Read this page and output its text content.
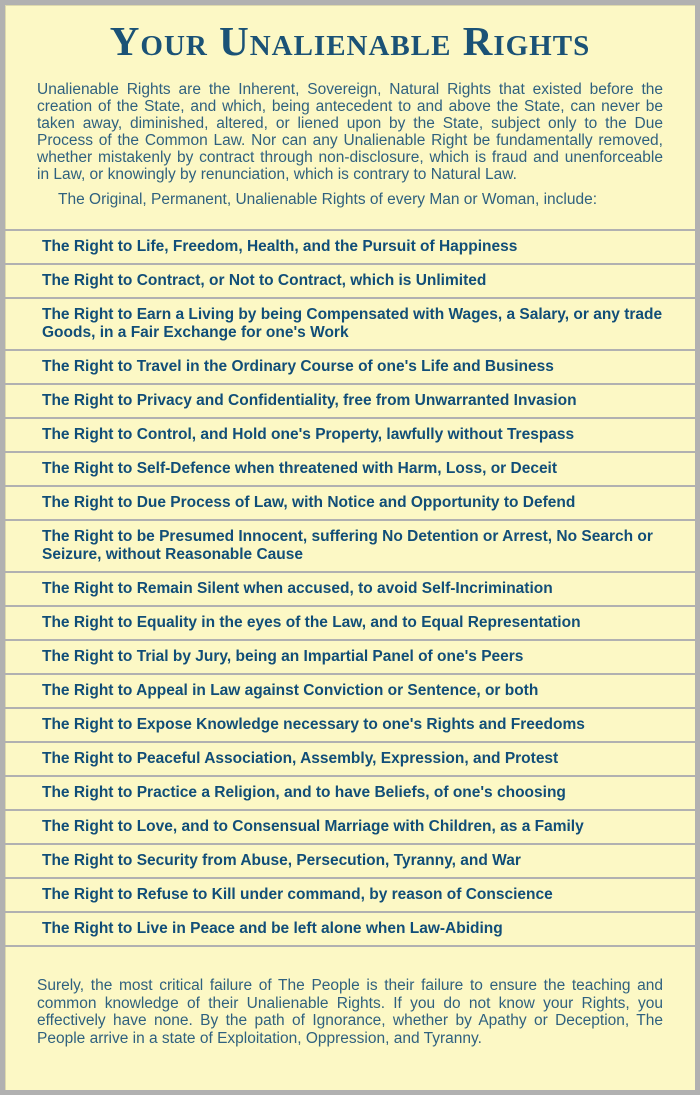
Your Unalienable Rights

Unalienable Rights are the Inherent, Sovereign, Natural Rights that existed before the creation of the State, and which, being antecedent to and above the State, can never be taken away, diminished, altered, or liened upon by the State, subject only to the Due Process of the Common Law. Nor can any Unalienable Right be fundamentally removed, whether mistakenly by contract through non-disclosure, which is fraud and unenforceable in Law, or knowingly by renunciation, which is contrary to Natural Law.

The Original, Permanent, Unalienable Rights of every Man or Woman, include:

The Right to Life, Freedom, Health, and the Pursuit of Happiness
The Right to Contract, or Not to Contract, which is Unlimited
The Right to Earn a Living by being Compensated with Wages, a Salary, or any trade Goods, in a Fair Exchange for one's Work
The Right to Travel in the Ordinary Course of one's Life and Business
The Right to Privacy and Confidentiality, free from Unwarranted Invasion
The Right to Control, and Hold one's Property, lawfully without Trespass
The Right to Self-Defence when threatened with Harm, Loss, or Deceit
The Right to Due Process of Law, with Notice and Opportunity to Defend
The Right to be Presumed Innocent, suffering No Detention or Arrest, No Search or Seizure, without Reasonable Cause
The Right to Remain Silent when accused, to avoid Self-Incrimination
The Right to Equality in the eyes of the Law, and to Equal Representation
The Right to Trial by Jury, being an Impartial Panel of one's Peers
The Right to Appeal in Law against Conviction or Sentence, or both
The Right to Expose Knowledge necessary to one's Rights and Freedoms
The Right to Peaceful Association, Assembly, Expression, and Protest
The Right to Practice a Religion, and to have Beliefs, of one's choosing
The Right to Love, and to Consensual Marriage with Children, as a Family
The Right to Security from Abuse, Persecution, Tyranny, and War
The Right to Refuse to Kill under command, by reason of Conscience
The Right to Live in Peace and be left alone when Law-Abiding

Surely, the most critical failure of The People is their failure to ensure the teaching and common knowledge of their Unalienable Rights. If you do not know your Rights, you effectively have none. By the path of Ignorance, whether by Apathy or Deception, The People arrive in a state of Exploitation, Oppression, and Tyranny.
